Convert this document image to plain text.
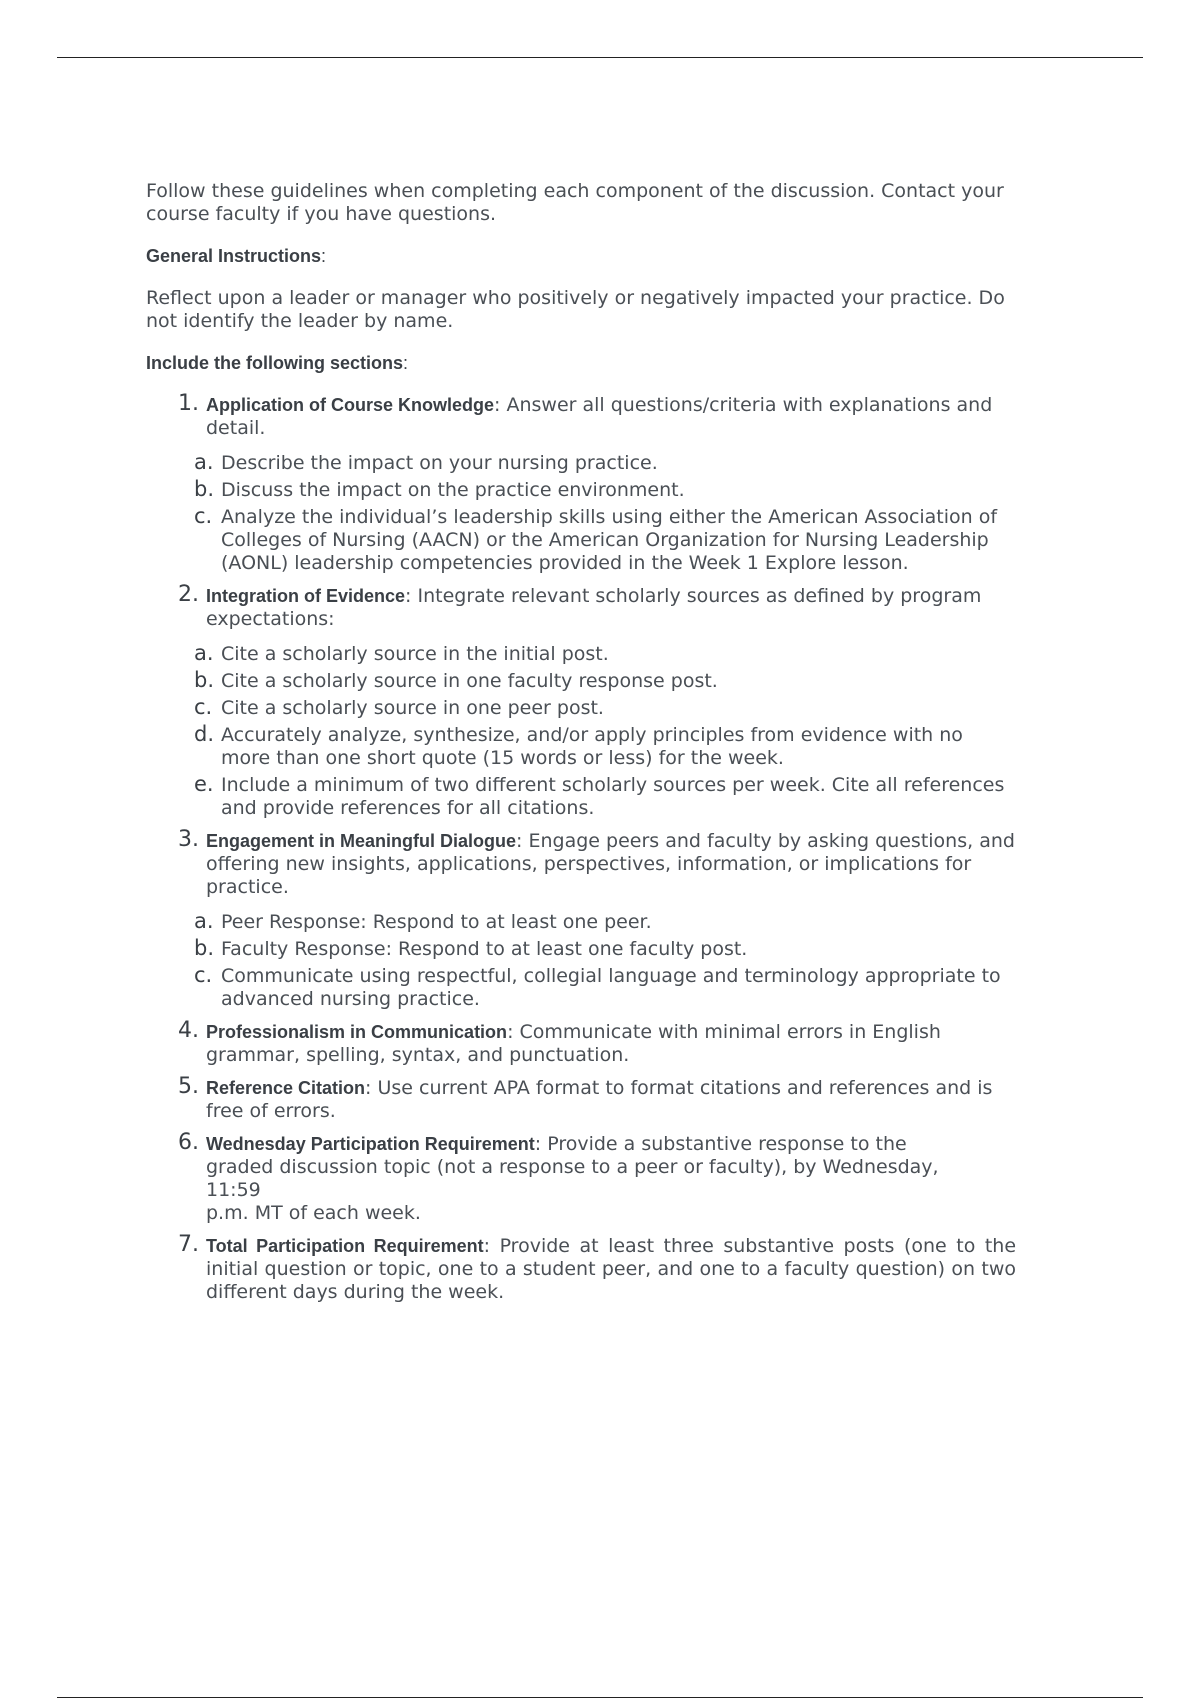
Follow these guidelines when completing each component of the discussion. Contact your course faculty if you have questions.

General Instructions:

Reflect upon a leader or manager who positively or negatively impacted your practice. Do not identify the leader by name.

Include the following sections:

1. Application of Course Knowledge: Answer all questions/criteria with explanations and detail.
a. Describe the impact on your nursing practice.
b. Discuss the impact on the practice environment.
c. Analyze the individual’s leadership skills using either the American Association of Colleges of Nursing (AACN) or the American Organization for Nursing Leadership (AONL) leadership competencies provided in the Week 1 Explore lesson.
2. Integration of Evidence: Integrate relevant scholarly sources as defined by program expectations:
a. Cite a scholarly source in the initial post.
b. Cite a scholarly source in one faculty response post.
c. Cite a scholarly source in one peer post.
d. Accurately analyze, synthesize, and/or apply principles from evidence with no more than one short quote (15 words or less) for the week.
e. Include a minimum of two different scholarly sources per week. Cite all references and provide references for all citations.
3. Engagement in Meaningful Dialogue: Engage peers and faculty by asking questions, and offering new insights, applications, perspectives, information, or implications for practice.
a. Peer Response: Respond to at least one peer.
b. Faculty Response: Respond to at least one faculty post.
c. Communicate using respectful, collegial language and terminology appropriate to advanced nursing practice.
4. Professionalism in Communication: Communicate with minimal errors in English grammar, spelling, syntax, and punctuation.
5. Reference Citation: Use current APA format to format citations and references and is free of errors.
6. Wednesday Participation Requirement: Provide a substantive response to the graded discussion topic (not a response to a peer or faculty), by Wednesday, 11:59
p.m. MT of each week.
7. Total Participation Requirement: Provide at least three substantive posts (one to the initial question or topic, one to a student peer, and one to a faculty question) on two different days during the week.
